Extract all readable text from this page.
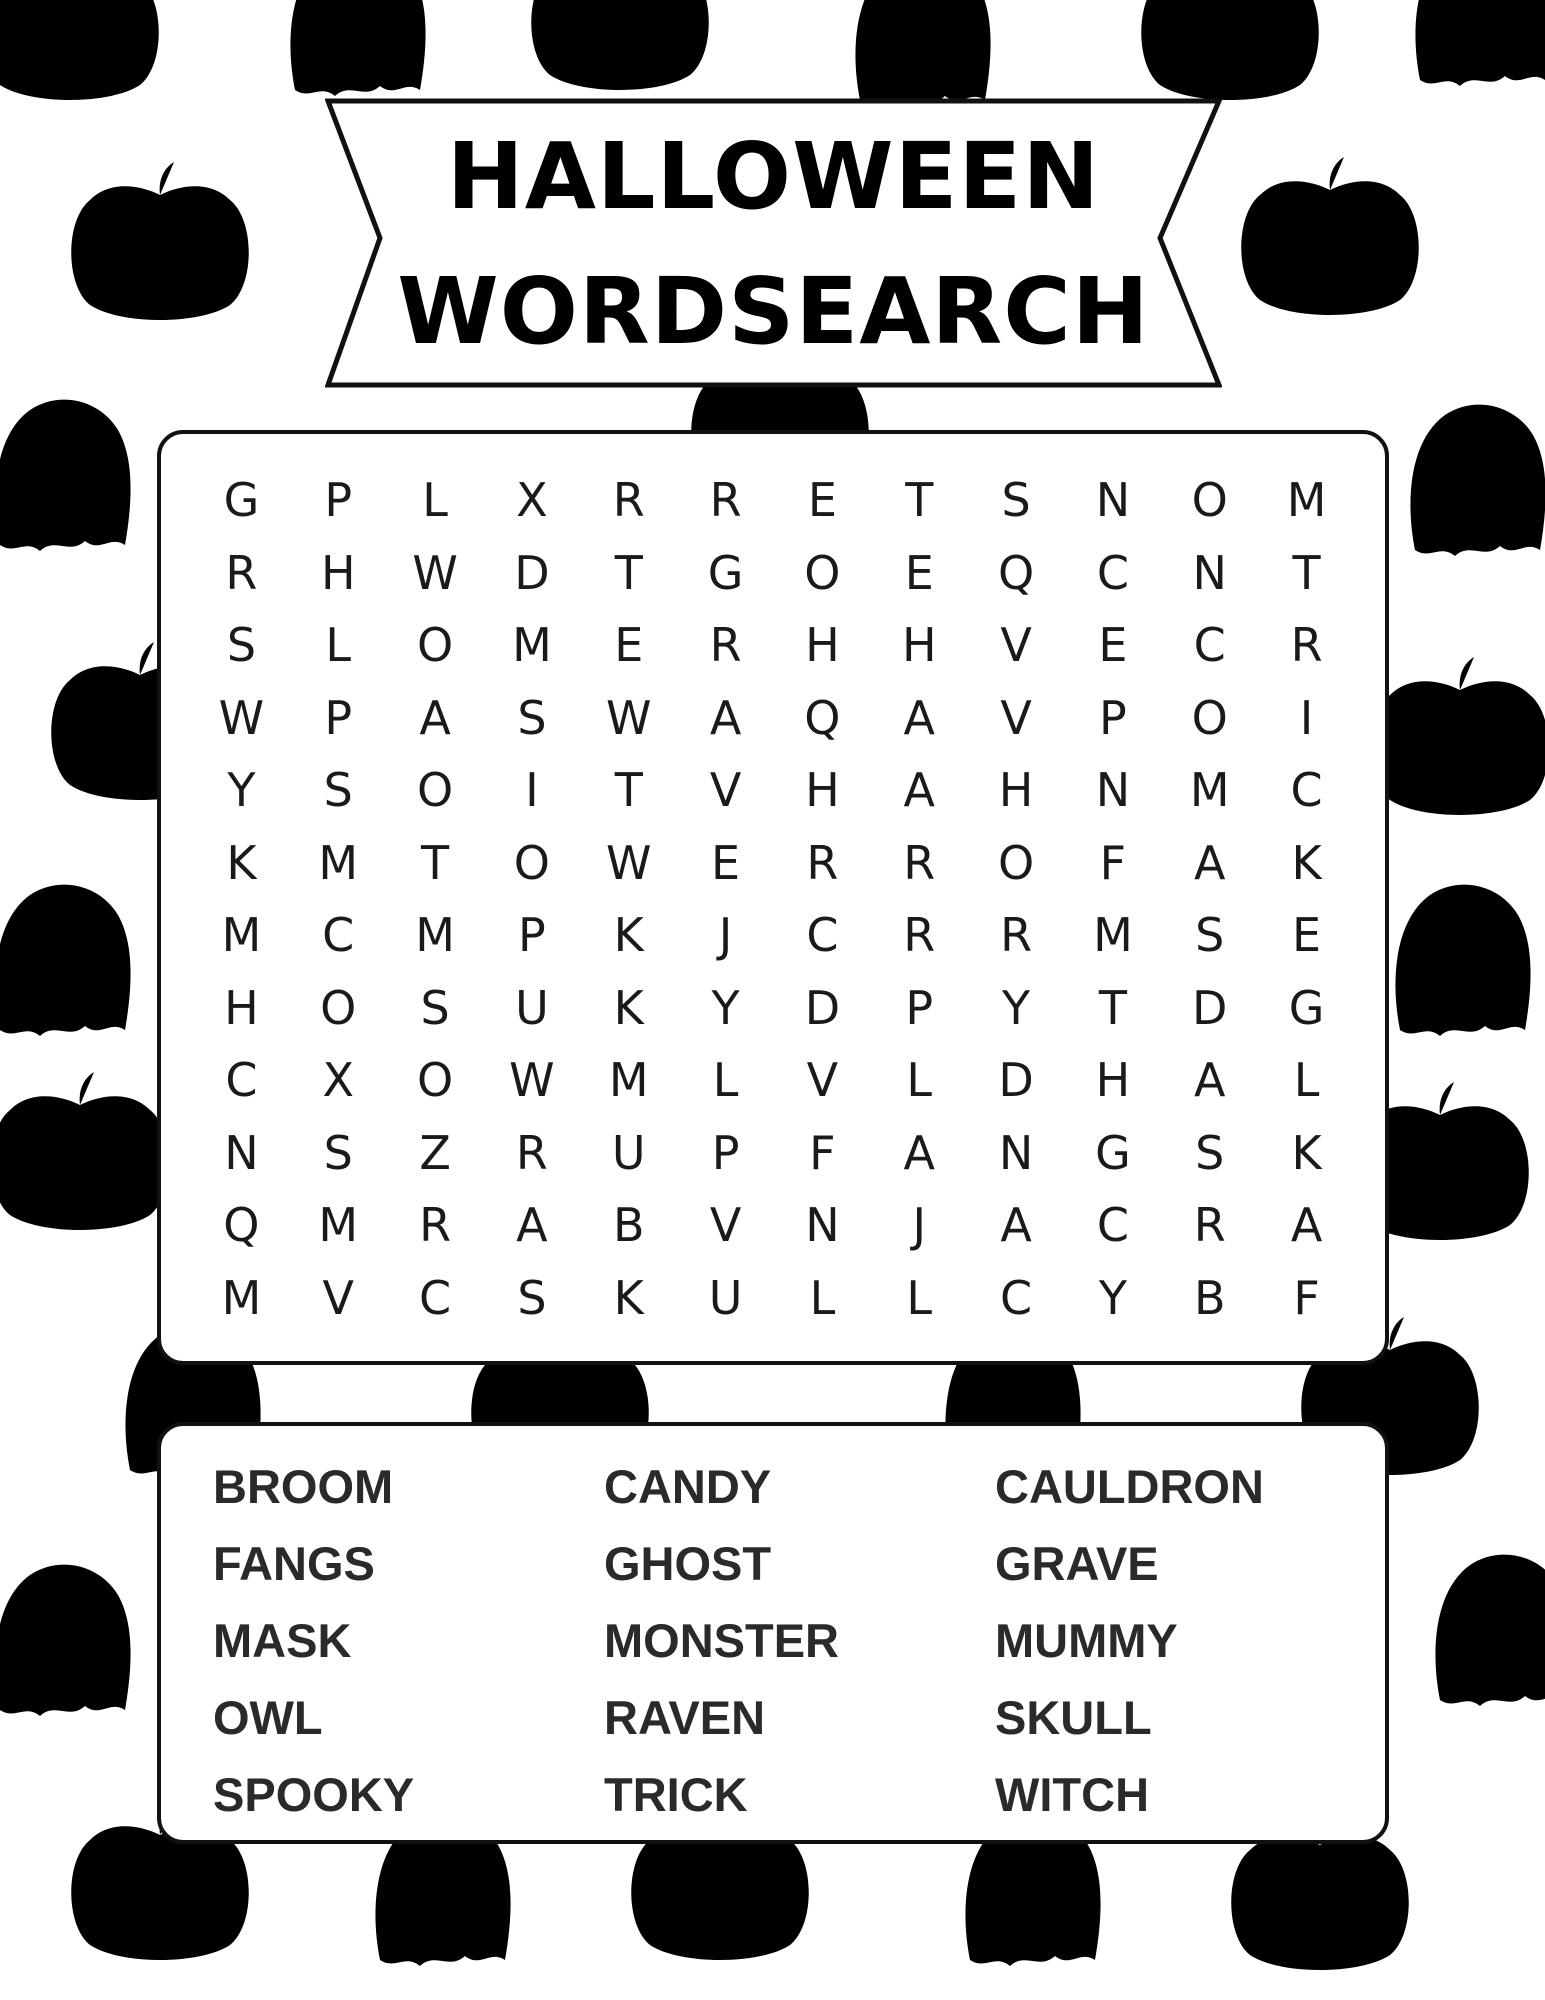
HALLOWEEN
WORDSEARCH
G	P	L	X	R	R	E	T	S	N	O	M
R	H	W	D	T	G	O	E	Q	C	N	T
S	L	O	M	E	R	H	H	V	E	C	R
W	P	A	S	W	A	Q	A	V	P	O	I
Y	S	O	I	T	V	H	A	H	N	M	C
K	M	T	O	W	E	R	R	O	F	A	K
M	C	M	P	K	J	C	R	R	M	S	E
H	O	S	U	K	Y	D	P	Y	T	D	G
C	X	O	W	M	L	V	L	D	H	A	L
N	S	Z	R	U	P	F	A	N	G	S	K
Q	M	R	A	B	V	N	J	A	C	R	A
M	V	C	S	K	U	L	L	C	Y	B	F
BROOM	CANDY	CAULDRON
FANGS	GHOST	GRAVE
MASK	MONSTER	MUMMY
OWL	RAVEN	SKULL
SPOOKY	TRICK	WITCH
